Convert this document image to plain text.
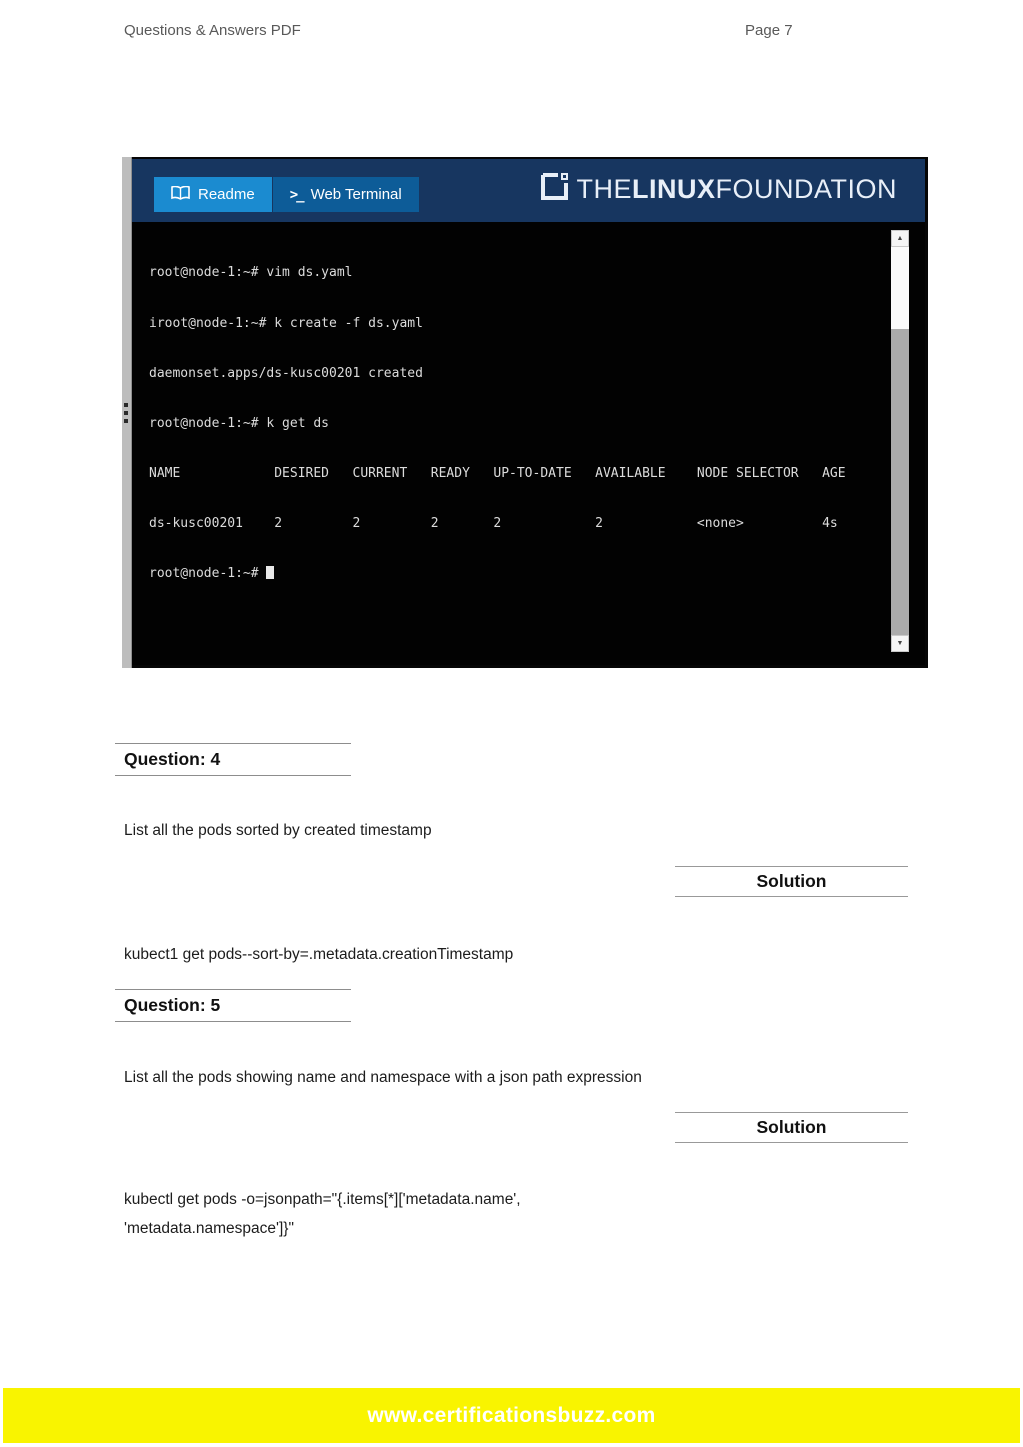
Questions & Answers PDF	Page 7
Readme	>_ Web Terminal	THELINUXFOUNDATION

root@node-1:~# vim ds.yaml

iroot@node-1:~# k create -f ds.yaml

daemonset.apps/ds-kusc00201 created

root@node-1:~# k get ds

NAME            DESIRED   CURRENT   READY   UP-TO-DATE   AVAILABLE    NODE SELECTOR   AGE

ds-kusc00201    2         2         2       2            2            <none>          4s

root@node-1:~#

▲
▼
Question: 4
List all the pods sorted by created timestamp
Solution
kubect1 get pods--sort-by=.metadata.creationTimestamp
Question: 5
List all the pods showing name and namespace with a json path expression
Solution
kubectl get pods -o=jsonpath="{.items[*]['metadata.name',
'metadata.namespace']}"
www.certificationsbuzz.com
